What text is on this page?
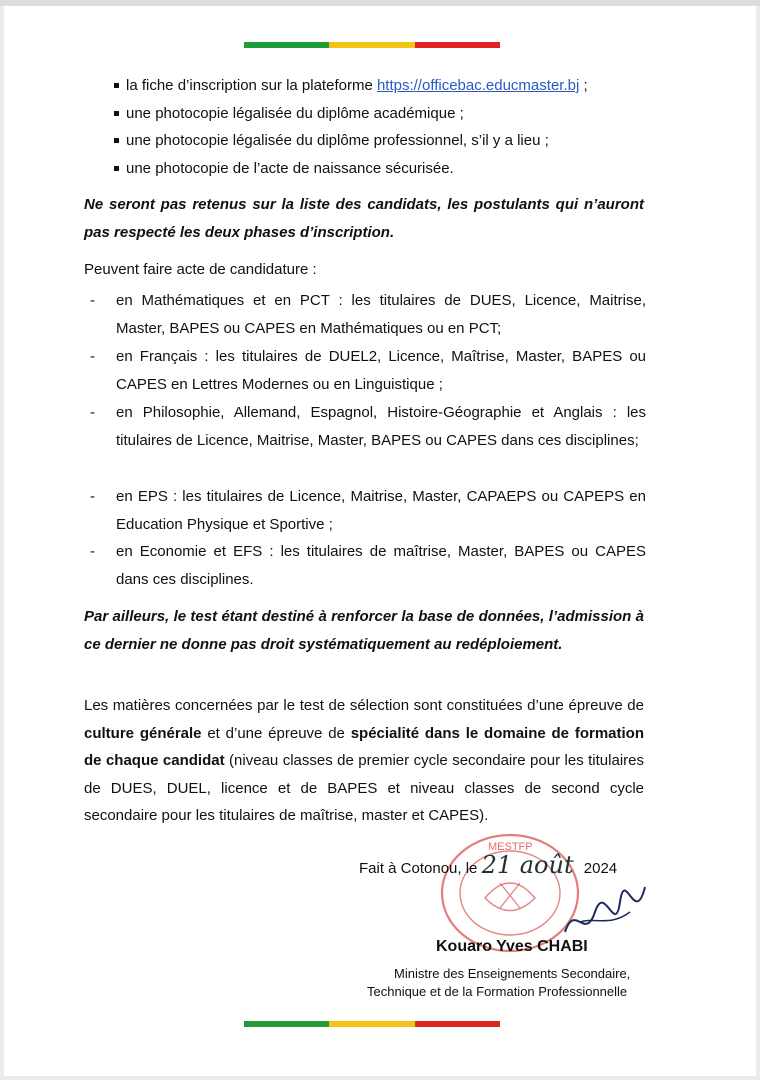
la fiche d’inscription sur la plateforme https://officebac.educmaster.bj ;
une photocopie légalisée du diplôme académique ;
une photocopie légalisée du diplôme professionnel, s’il y a lieu ;
une photocopie de l’acte de naissance sécurisée.
Ne seront pas retenus sur la liste des candidats, les postulants qui n’auront pas respecté les deux phases d’inscription.
Peuvent faire acte de candidature :
- en Mathématiques et en PCT : les titulaires de DUES, Licence, Maitrise, Master, BAPES ou CAPES en Mathématiques ou en PCT;
- en Français : les titulaires de DUEL2, Licence, Maîtrise, Master, BAPES ou CAPES en Lettres Modernes ou en Linguistique ;
- en Philosophie, Allemand, Espagnol, Histoire-Géographie et Anglais : les titulaires de Licence, Maitrise, Master, BAPES ou CAPES dans ces disciplines;
- en EPS : les titulaires de Licence, Maitrise, Master, CAPAEPS ou CAPEPS en Education Physique et Sportive ;
- en Economie et EFS : les titulaires de maîtrise, Master, BAPES ou CAPES dans ces disciplines.
Par ailleurs, le test étant destiné à renforcer la base de données, l’admission à ce dernier ne donne pas droit systématiquement au redéploiement.
Les matières concernées par le test de sélection sont constituées d’une épreuve de culture générale et d’une épreuve de spécialité dans le domaine de formation de chaque candidat (niveau classes de premier cycle secondaire pour les titulaires de DUES, DUEL, licence et de BAPES et niveau classes de second cycle secondaire pour les titulaires de maîtrise, master et CAPES).
MESTFP
Fait à Cotonou, le 21 août 2024
Kouaro Yves CHABI
Ministre des Enseignements Secondaire,
Technique et de la Formation Professionnelle
